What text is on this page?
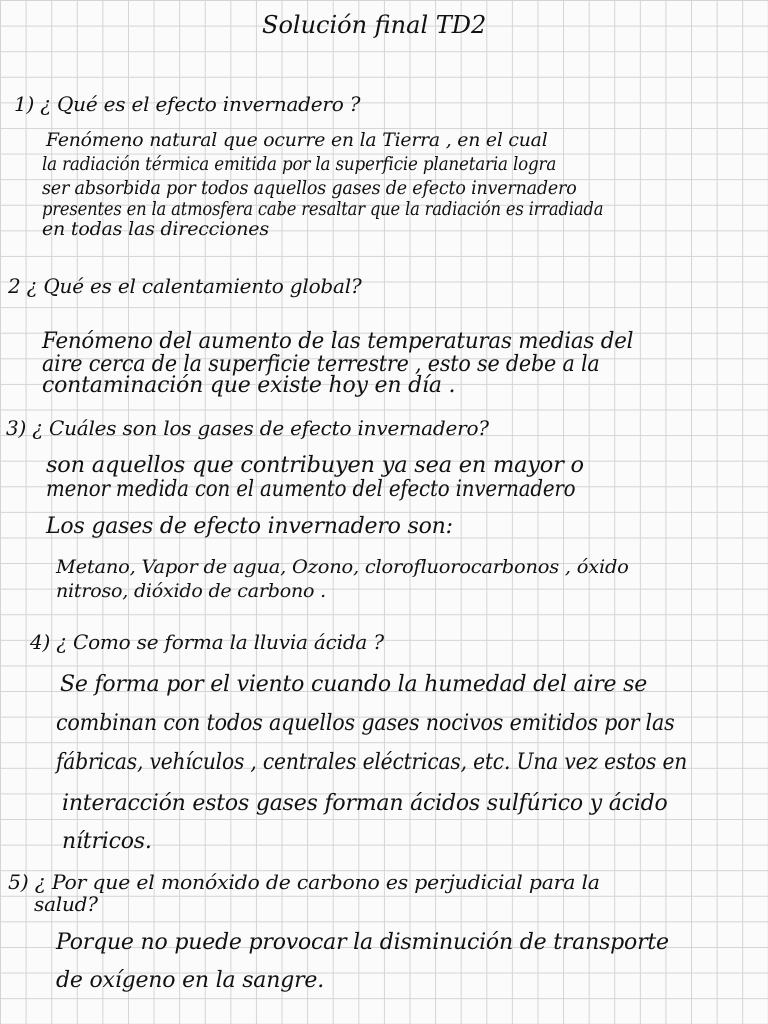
Solución final TD2
1) ¿ Qué es el efecto invernadero ?
Fenómeno natural que ocurre en la Tierra , en el cual
la radiación térmica emitida por la superficie planetaria logra
ser absorbida por todos aquellos gases de efecto invernadero
presentes en la atmosfera cabe resaltar que la radiación es irradiada
en todas las direcciones
2 ¿ Qué es el calentamiento global?
Fenómeno del aumento de las temperaturas medias del
aire cerca de la superficie terrestre , esto se debe a la
contaminación que existe hoy en día .
3) ¿ Cuáles son los gases de efecto invernadero?
son aquellos que contribuyen ya sea en mayor o
menor medida con el aumento del efecto invernadero
Los gases de efecto invernadero son:
Metano, Vapor de agua, Ozono, clorofluorocarbonos , óxido
nitroso, dióxido de carbono .
4) ¿ Como se forma la lluvia ácida ?
Se forma por el viento cuando la humedad del aire se
combinan con todos aquellos gases nocivos emitidos por las
fábricas, vehículos , centrales eléctricas, etc. Una vez estos en
interacción estos gases forman ácidos sulfúrico y ácido
nítricos.
5) ¿ Por que el monóxido de carbono es perjudicial para la
salud?
Porque no puede provocar la disminución de transporte
de oxígeno en la sangre.
